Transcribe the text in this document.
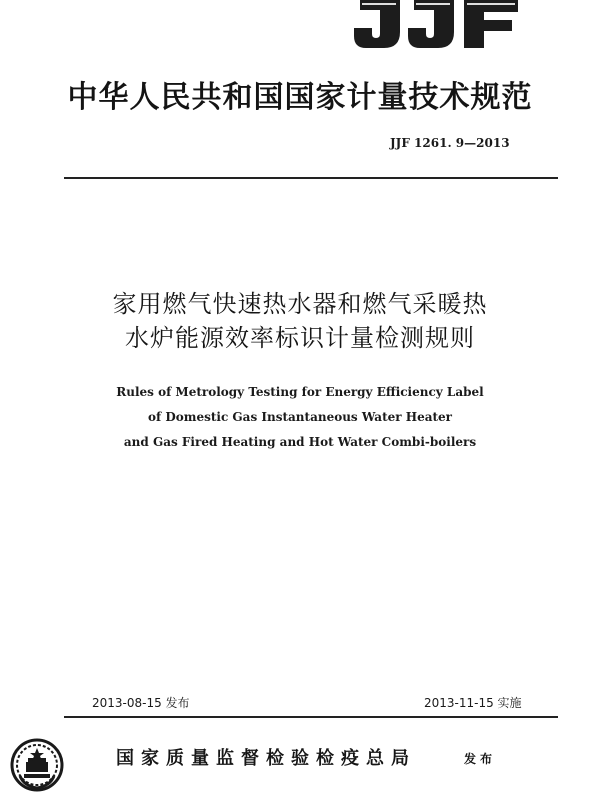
中华人民共和国国家计量技术规范
JJF 1261. 9—2013
家用燃气快速热水器和燃气采暖热
水炉能源效率标识计量检测规则
Rules of Metrology Testing for Energy Efficiency Label
of Domestic Gas Instantaneous Water Heater
and Gas Fired Heating and Hot Water Combi-boilers
2013-08-15 发布	2013-11-15 实施
国家质量监督检验检疫总局	发布
